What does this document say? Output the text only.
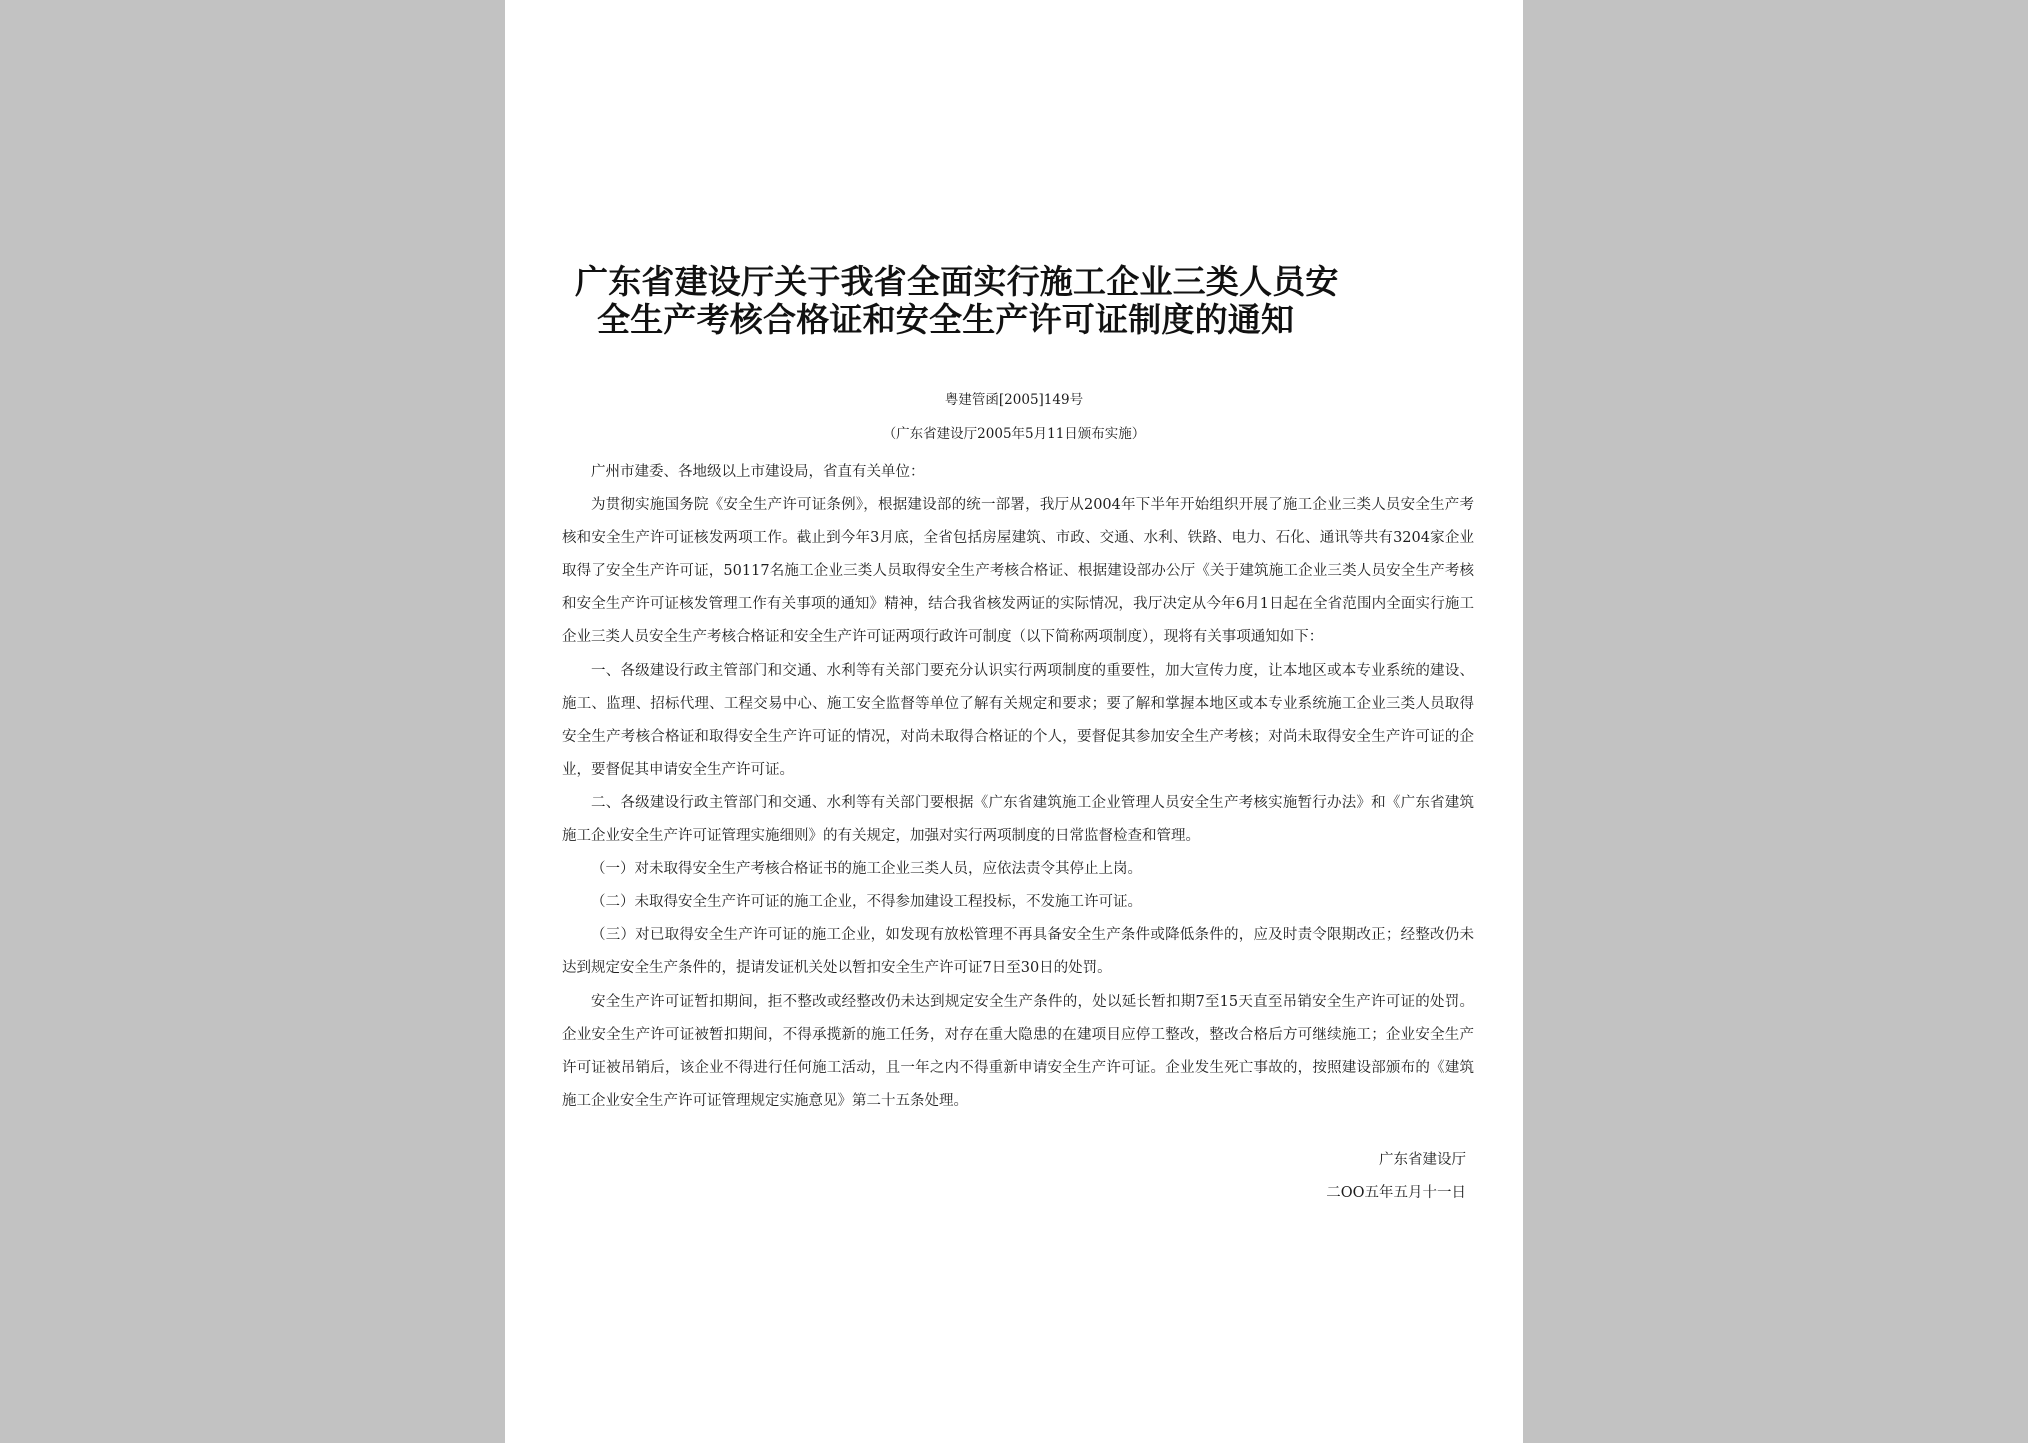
广东省建设厅关于我省全面实行施工企业三类人员安
全生产考核合格证和安全生产许可证制度的通知
粤建管函[2005]149号
（广东省建设厅2005年5月11日颁布实施）

广州市建委、各地级以上市建设局，省直有关单位：

为贯彻实施国务院《安全生产许可证条例》，根据建设部的统一部署，我厅从2004年下半年开始组织开展了施工企业三类人员安全生产考核和安全生产许可证核发两项工作。截止到今年3月底，全省包括房屋建筑、市政、交通、水利、铁路、电力、石化、通讯等共有3204家企业取得了安全生产许可证，50117名施工企业三类人员取得安全生产考核合格证、根据建设部办公厅《关于建筑施工企业三类人员安全生产考核和安全生产许可证核发管理工作有关事项的通知》精神，结合我省核发两证的实际情况，我厅决定从今年6月1日起在全省范围内全面实行施工企业三类人员安全生产考核合格证和安全生产许可证两项行政许可制度（以下简称两项制度），现将有关事项通知如下：

一、各级建设行政主管部门和交通、水利等有关部门要充分认识实行两项制度的重要性，加大宣传力度，让本地区或本专业系统的建设、施工、监理、招标代理、工程交易中心、施工安全监督等单位了解有关规定和要求；要了解和掌握本地区或本专业系统施工企业三类人员取得安全生产考核合格证和取得安全生产许可证的情况，对尚未取得合格证的个人，要督促其参加安全生产考核；对尚未取得安全生产许可证的企业，要督促其申请安全生产许可证。

二、各级建设行政主管部门和交通、水利等有关部门要根据《广东省建筑施工企业管理人员安全生产考核实施暂行办法》和《广东省建筑施工企业安全生产许可证管理实施细则》的有关规定，加强对实行两项制度的日常监督检查和管理。

（一）对未取得安全生产考核合格证书的施工企业三类人员，应依法责令其停止上岗。

（二）未取得安全生产许可证的施工企业，不得参加建设工程投标，不发施工许可证。

（三）对已取得安全生产许可证的施工企业，如发现有放松管理不再具备安全生产条件或降低条件的，应及时责令限期改正；经整改仍未达到规定安全生产条件的，提请发证机关处以暂扣安全生产许可证7日至30日的处罚。

安全生产许可证暂扣期间，拒不整改或经整改仍未达到规定安全生产条件的，处以延长暂扣期7至15天直至吊销安全生产许可证的处罚。企业安全生产许可证被暂扣期间，不得承揽新的施工任务，对存在重大隐患的在建项目应停工整改，整改合格后方可继续施工；企业安全生产许可证被吊销后，该企业不得进行任何施工活动，且一年之内不得重新申请安全生产许可证。企业发生死亡事故的，按照建设部颁布的《建筑施工企业安全生产许可证管理规定实施意见》第二十五条处理。

广东省建设厅
二OO五年五月十一日
